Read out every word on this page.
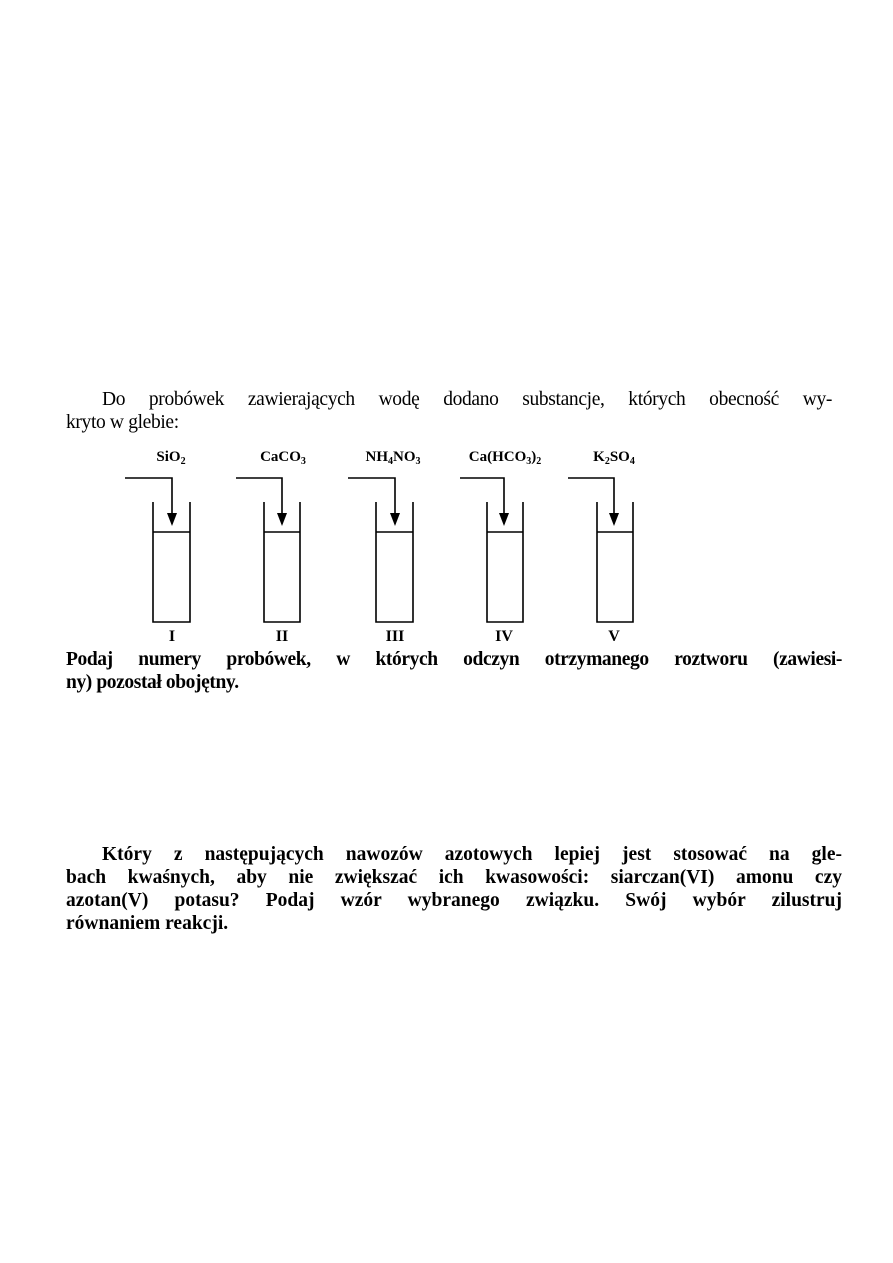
Do probówek zawierających wodę dodano substancje, których obecność wy-
kryto w glebie:
SiO$_2$	CaCO$_3$	$NH_4NO_3$	$Ca(HCO_3)_2$	$K_2SO_4$
I	II	III	IV	V
Podaj numery probówek, w których odczyn otrzymanego roztworu (zawiesi-
ny) pozostał obojętny.
Który z następujących nawozów azotowych lepiej jest stosować na gle-
bach kwaśnych, aby nie zwiększać ich kwasowości: siarczan(VI) amonu czy
azotan(V) potasu? Podaj wzór wybranego związku. Swój wybór zilustruj
równaniem reakcji.
